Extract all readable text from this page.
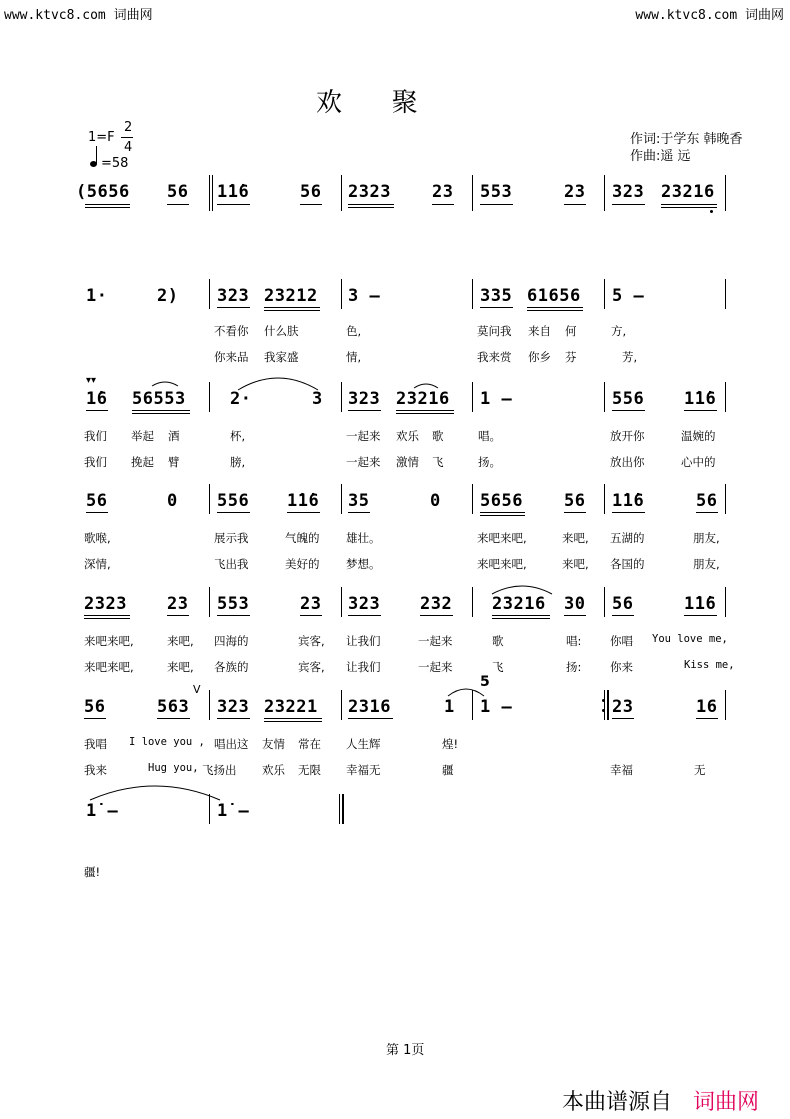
www.ktvc8.com 词曲网	www.ktvc8.com 词曲网
欢      聚
1=F
2
4
=58
作词:于学东 韩晚香
作曲:遥 远
(5656 56 1̇1̇6	56 2323 23 553	23 323 23216
1·	2) 323 23212 3 –	335 61656 5 –
不看你 什么肤	色,	莫问我 来自 何	方,
你来品 我家盛	情,	我来赏 你乡 芬	芳,
▾▾
1̇6 56553	2·	3 323 23216 1 –	556 1̇1̇6
我们 举起 酒	杯,	一起来 欢乐 歌	唱。	放开你	温婉的
我们 挽起 臂	膀,	一起来 激情 飞	扬。	放出你	心中的
56	0 556 1̇1̇6 35	0 5656 56 1̇1̇6	56
歌喉,	展示我	气魄的 雄壮。	来吧来吧,	来吧, 五湖的	朋友,
深情,	飞出我	美好的 梦想。	来吧来吧,	来吧, 各国的	朋友,
2323 23 553	23 323 232 23216 30 56	1̇1̇6
来吧来吧,	来吧, 四海的	宾客, 让我们	一起来	歌	唱: 你唱 You love me,
来吧来吧,	来吧, 各族的	宾客, 让我们	一起来	飞	扬: 你来	Kiss me,
V	5
56	563 323 23221 2316	1 1 –	23	16
我唱 I love you , 唱出这 友情 常在 人生辉	煌!
我来	Hug you, 飞扬出 欢乐 无限 幸福无	疆	幸福	无
1̇ –	1̇ –
疆!
第 1页
本曲谱源自 词曲网
